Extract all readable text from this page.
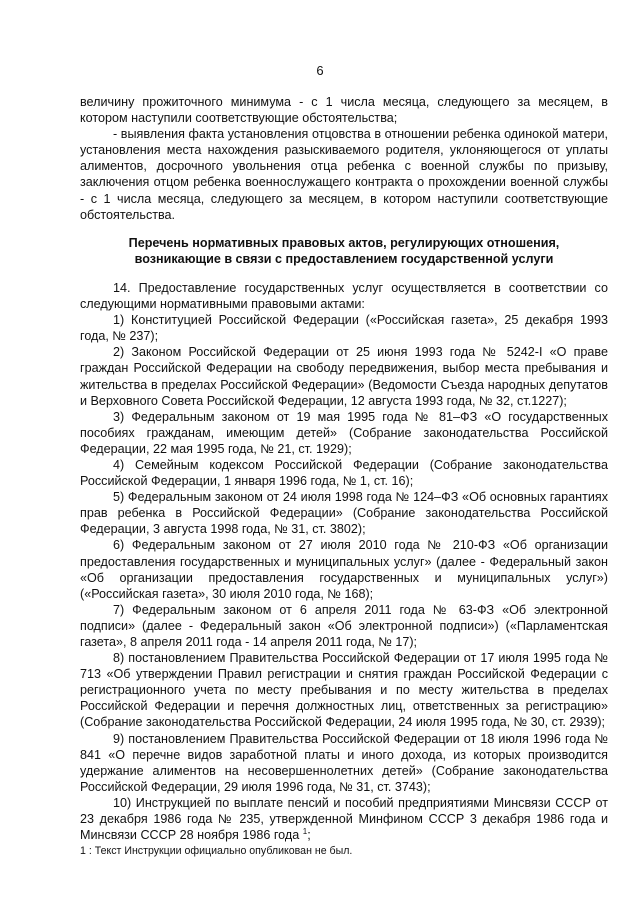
6

величину прожиточного минимума - с 1 числа месяца, следующего за месяцем, в котором наступили соответствующие обстоятельства;

- выявления факта установления отцовства в отношении ребенка одинокой матери, установления места нахождения разыскиваемого родителя, уклоняющегося от уплаты алиментов, досрочного увольнения отца ребенка с военной службы по призыву, заключения отцом ребенка военнослужащего контракта о прохождении военной службы - с 1 числа месяца, следующего за месяцем, в котором наступили соответствующие обстоятельства.

Перечень нормативных правовых актов, регулирующих отношения,

возникающие в связи с предоставлением государственной услуги

14. Предоставление государственных услуг осуществляется в соответствии со следующими нормативными правовыми актами:

1) Конституцией Российской Федерации («Российская газета», 25 декабря 1993 года, № 237);

2) Законом Российской Федерации от 25 июня 1993 года № 5242-I «О праве граждан Российской Федерации на свободу передвижения, выбор места пребывания и жительства в пределах Российской Федерации» (Ведомости Съезда народных депутатов и Верховного Совета Российской Федерации, 12 августа 1993 года, № 32, ст.1227);

3) Федеральным законом от 19 мая 1995 года № 81–ФЗ «О государственных пособиях гражданам, имеющим детей» (Собрание законодательства Российской Федерации, 22 мая 1995 года, № 21, ст. 1929);

4) Семейным кодексом Российской Федерации (Собрание законодательства Российской Федерации, 1 января 1996 года, № 1, ст. 16);

5) Федеральным законом от 24 июля 1998 года № 124–ФЗ «Об основных гарантиях прав ребенка в Российской Федерации» (Собрание законодательства Российской Федерации, 3 августа 1998 года, № 31, ст. 3802);

6) Федеральным законом от 27 июля 2010 года № 210-ФЗ «Об организации предоставления государственных и муниципальных услуг» (далее - Федеральный закон «Об организации предоставления государственных и муниципальных услуг») («Российская газета», 30 июля 2010 года, № 168);

7) Федеральным законом от 6 апреля 2011 года № 63-ФЗ «Об электронной подписи» (далее - Федеральный закон «Об электронной подписи») («Парламентская газета», 8 апреля 2011 года - 14 апреля 2011 года, № 17);

8) постановлением Правительства Российской Федерации от 17 июля 1995 года № 713 «Об утверждении Правил регистрации и снятия граждан Российской Федерации с регистрационного учета по месту пребывания и по месту жительства в пределах Российской Федерации и перечня должностных лиц, ответственных за регистрацию» (Собрание законодательства Российской Федерации, 24 июля 1995 года, № 30, ст. 2939);

9) постановлением Правительства Российской Федерации от 18 июля 1996 года № 841 «О перечне видов заработной платы и иного дохода, из которых производится удержание алиментов на несовершеннолетних детей» (Собрание законодательства Российской Федерации, 29 июля 1996 года, № 31, ст. 3743);

10) Инструкцией по выплате пенсий и пособий предприятиями Минсвязи СССР от 23 декабря 1986 года № 235, утвержденной Минфином СССР 3 декабря 1986 года и Минсвязи СССР 28 ноября 1986 года $^1$;

1 : Текст Инструкции официально опубликован не был.
